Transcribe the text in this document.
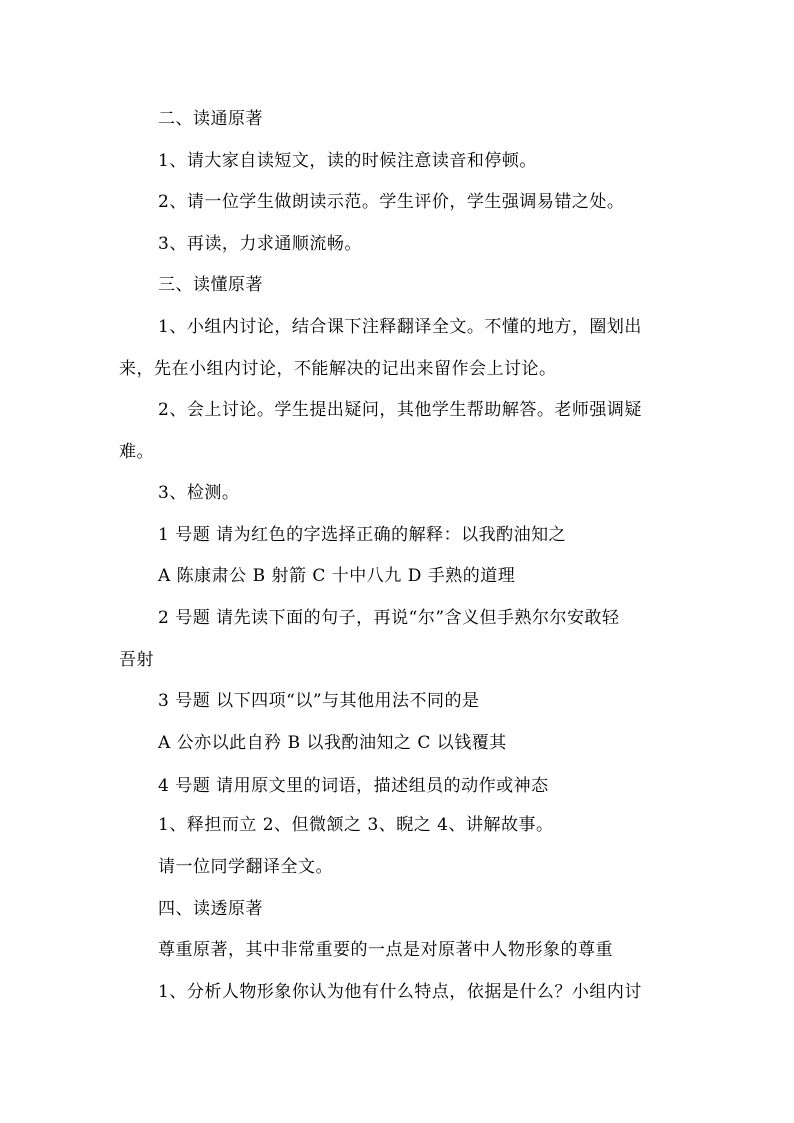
二、读通原著
1、请大家自读短文，读的时候注意读音和停顿。
2、请一位学生做朗读示范。学生评价，学生强调易错之处。
3、再读，力求通顺流畅。
三、读懂原著
1、小组内讨论，结合课下注释翻译全文。不懂的地方，圈划出
来，先在小组内讨论，不能解决的记出来留作会上讨论。
2、会上讨论。学生提出疑问，其他学生帮助解答。老师强调疑
难。
3、检测。
1 号题 请为红色的字选择正确的解释：以我酌油知之
A 陈康肃公 B 射箭 C 十中八九 D 手熟的道理
2 号题 请先读下面的句子，再说“尔”含义但手熟尔尔安敢轻
吾射
3 号题 以下四项“以”与其他用法不同的是
A 公亦以此自矜 B 以我酌油知之 C 以钱覆其
4 号题 请用原文里的词语，描述组员的动作或神态
1、释担而立 2、但微颔之 3、睨之 4、讲解故事。
请一位同学翻译全文。
四、读透原著
尊重原著，其中非常重要的一点是对原著中人物形象的尊重
1、分析人物形象你认为他有什么特点，依据是什么？小组内讨
